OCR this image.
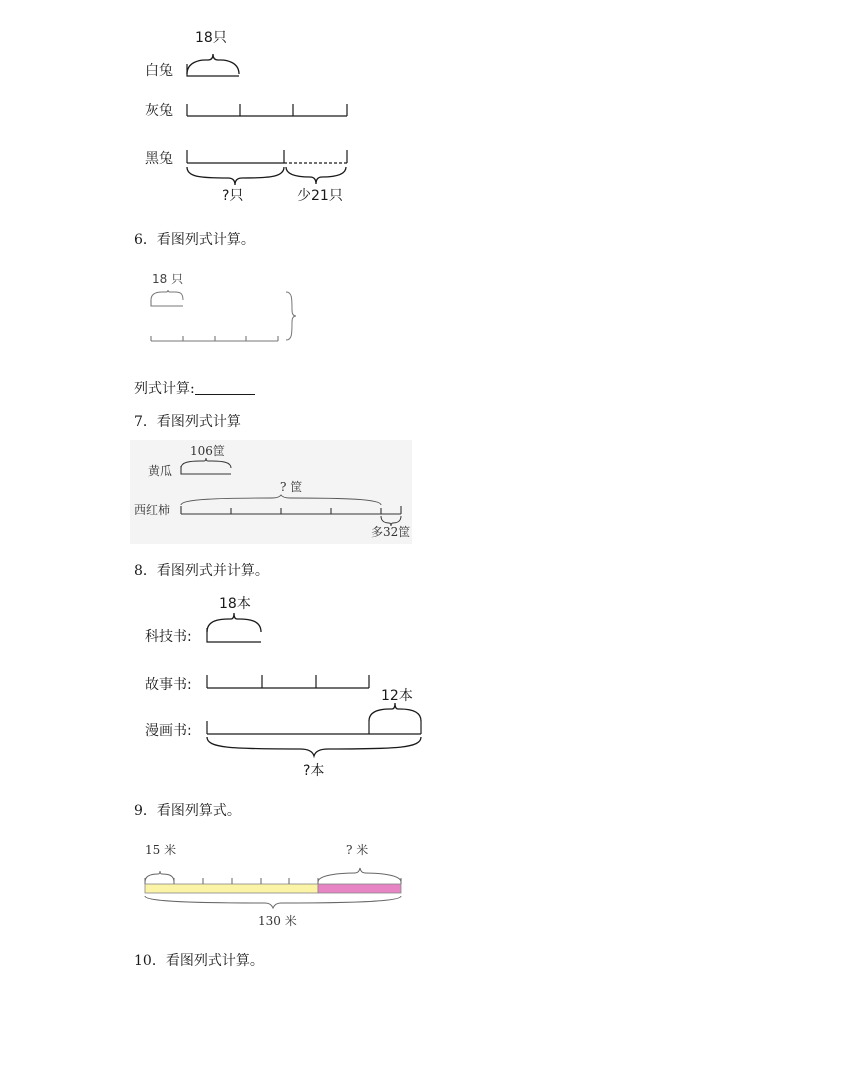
18只
白兔
灰兔
黑兔
?只	少21只
6．看图列式计算。
18 只
列式计算:
7．看图列式计算
106筐
黄瓜
? 筐
西红柿
多32筐
8．看图列式并计算。
18本
科技书:
故事书:
12本
漫画书:
?本
9．看图列算式。
15 米	? 米
130 米
10．看图列式计算。
